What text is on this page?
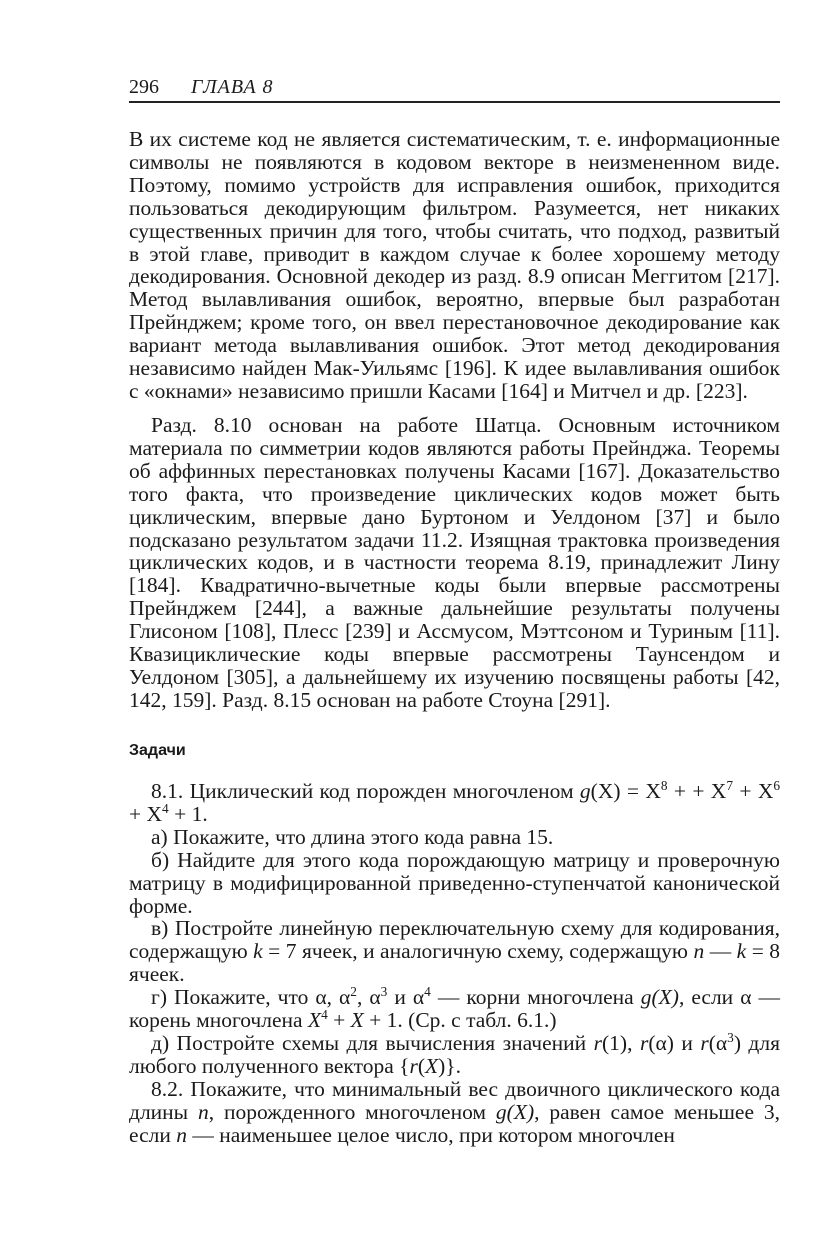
296 ГЛАВА 8

В их системе код не является систематическим, т. е. информационные символы не появляются в кодовом векторе в неизмененном виде. Поэтому, помимо устройств для исправления ошибок, приходится пользоваться декодирующим фильтром. Разумеется, нет никаких существенных причин для того, чтобы считать, что подход, развитый в этой главе, приводит в каждом случае к более хорошему методу декодирования. Основной декодер из разд. 8.9 описан Меггитом [217]. Метод вылавливания ошибок, вероятно, впервые был разработан Прейнджем; кроме того, он ввел перестановочное декодирование как вариант метода вылавливания ошибок. Этот метод декодирования независимо найден Мак-Уильямс [196]. К идее вылавливания ошибок с «окнами» независимо пришли Касами [164] и Митчел и др. [223].

Разд. 8.10 основан на работе Шатца. Основным источником материала по симметрии кодов являются работы Прейнджа. Теоремы об аффинных перестановках получены Касами [167]. Доказательство того факта, что произведение циклических кодов может быть циклическим, впервые дано Буртоном и Уелдоном [37] и было подсказано результатом задачи 11.2. Изящная трактовка произведения циклических кодов, и в частности теорема 8.19, принадлежит Лину [184]. Квадратично-вычетные коды были впервые рассмотрены Прейнджем [244], а важные дальнейшие результаты получены Глисоном [108], Плесс [239] и Ассмусом, Мэттсоном и Туриным [11]. Квазициклические коды впервые рассмотрены Таунсендом и Уелдоном [305], а дальнейшему их изучению посвящены работы [42, 142, 159]. Разд. 8.15 основан на работе Стоуна [291].

Задачи

8.1. Циклический код порожден многочленом $g(X) = X^8$ + + $X^7 + X^6 + X^4 + 1$.

а) Покажите, что длина этого кода равна 15.

б) Найдите для этого кода порождающую матрицу и проверочную матрицу в модифицированной приведенно-ступенчатой канонической форме.

в) Постройте линейную переключательную схему для кодирования, содержащую k = 7 ячеек, и аналогичную схему, содержащую n — k = 8 ячеек.

г) Покажите, что α, $\alpha^2$, $\alpha^3$ и $\alpha^4$ — корни многочлена g(X), если α — корень многочлена $X^4 + X + 1$. (Ср. с табл. 6.1.)

д) Постройте схемы для вычисления значений r(1), r(α) и $r(\alpha^3)$ для любого полученного вектора {r(X)}.

8.2. Покажите, что минимальный вес двоичного циклического кода длины n, порожденного многочленом g(X), равен самое меньшее 3, если n — наименьшее целое число, при котором многочлен
